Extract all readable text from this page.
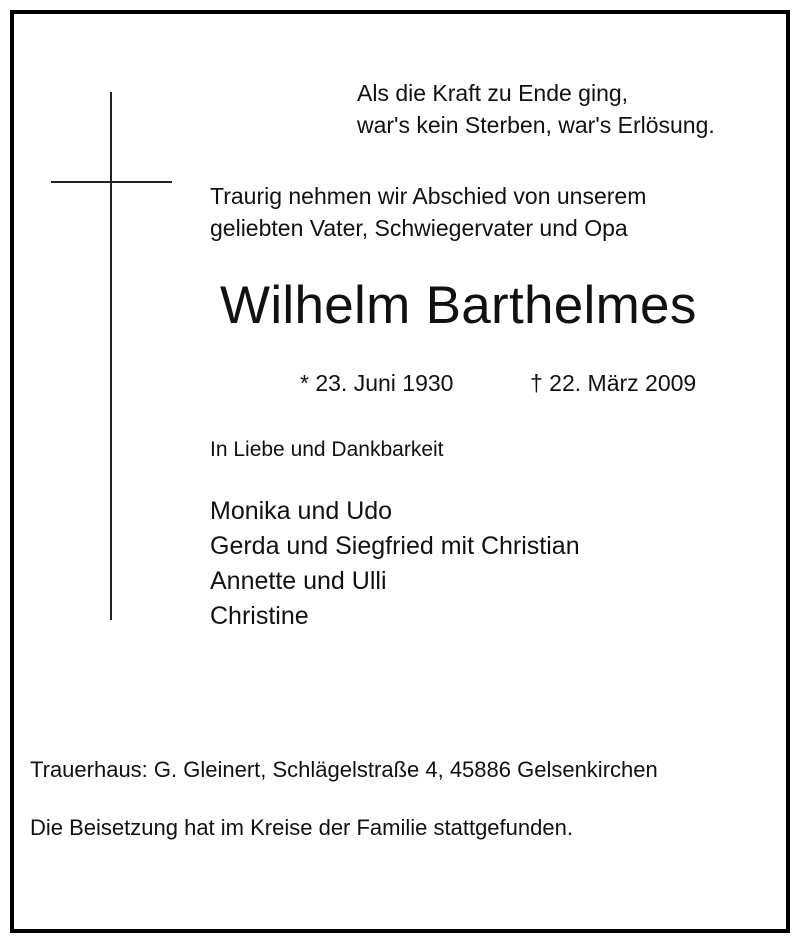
Als die Kraft zu Ende ging,
war's kein Sterben, war's Erlösung.
Traurig nehmen wir Abschied von unserem
geliebten Vater, Schwiegervater und Opa
Wilhelm Barthelmes
* 23. Juni 1930	† 22. März 2009
In Liebe und Dankbarkeit
Monika und Udo
Gerda und Siegfried mit Christian
Annette und Ulli
Christine
Trauerhaus: G. Gleinert, Schlägelstraße 4, 45886 Gelsenkirchen
Die Beisetzung hat im Kreise der Familie stattgefunden.
